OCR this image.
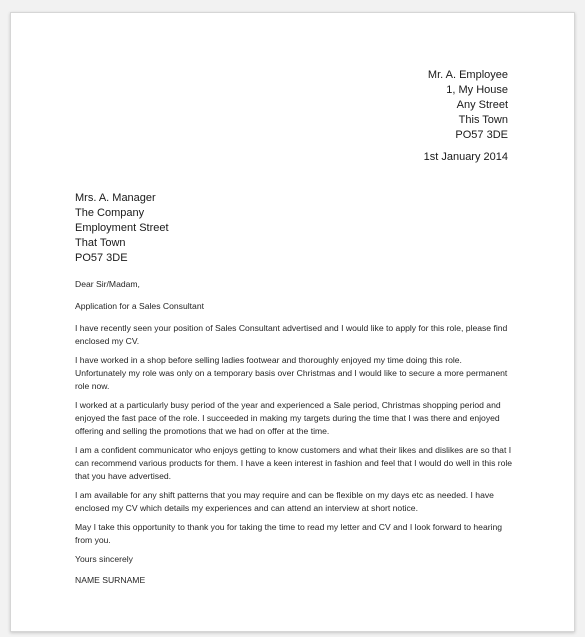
Mr. A. Employee
1, My House
Any Street
This Town
PO57 3DE
1st January 2014
Mrs. A. Manager
The Company
Employment Street
That Town
PO57 3DE

Dear Sir/Madam,

Application for a Sales Consultant

I have recently seen your position of Sales Consultant advertised and I would like to apply for this role, please find enclosed my CV.

I have worked in a shop before selling ladies footwear and thoroughly enjoyed my time doing this role. Unfortunately my role was only on a temporary basis over Christmas and I would like to secure a more permanent role now.

I worked at a particularly busy period of the year and experienced a Sale period, Christmas shopping period and enjoyed the fast pace of the role. I succeeded in making my targets during the time that I was there and enjoyed offering and selling the promotions that we had on offer at the time.

I am a confident communicator who enjoys getting to know customers and what their likes and dislikes are so that I can recommend various products for them. I have a keen interest in fashion and feel that I would do well in this role that you have advertised.

I am available for any shift patterns that you may require and can be flexible on my days etc as needed. I have enclosed my CV which details my experiences and can attend an interview at short notice.

May I take this opportunity to thank you for taking the time to read my letter and CV and I look forward to hearing from you.

Yours sincerely

NAME SURNAME
